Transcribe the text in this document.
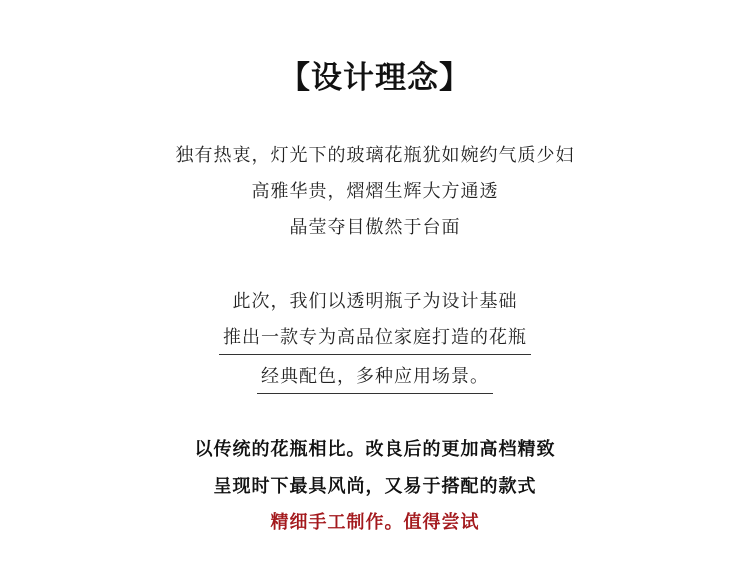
【设计理念】
独有热衷，灯光下的玻璃花瓶犹如婉约气质少妇
高雅华贵，熠熠生辉大方通透
晶莹夺目傲然于台面
此次，我们以透明瓶子为设计基础
推出一款专为高品位家庭打造的花瓶
经典配色，多种应用场景。
以传统的花瓶相比。改良后的更加高档精致
呈现时下最具风尚，又易于搭配的款式
精细手工制作。值得尝试
